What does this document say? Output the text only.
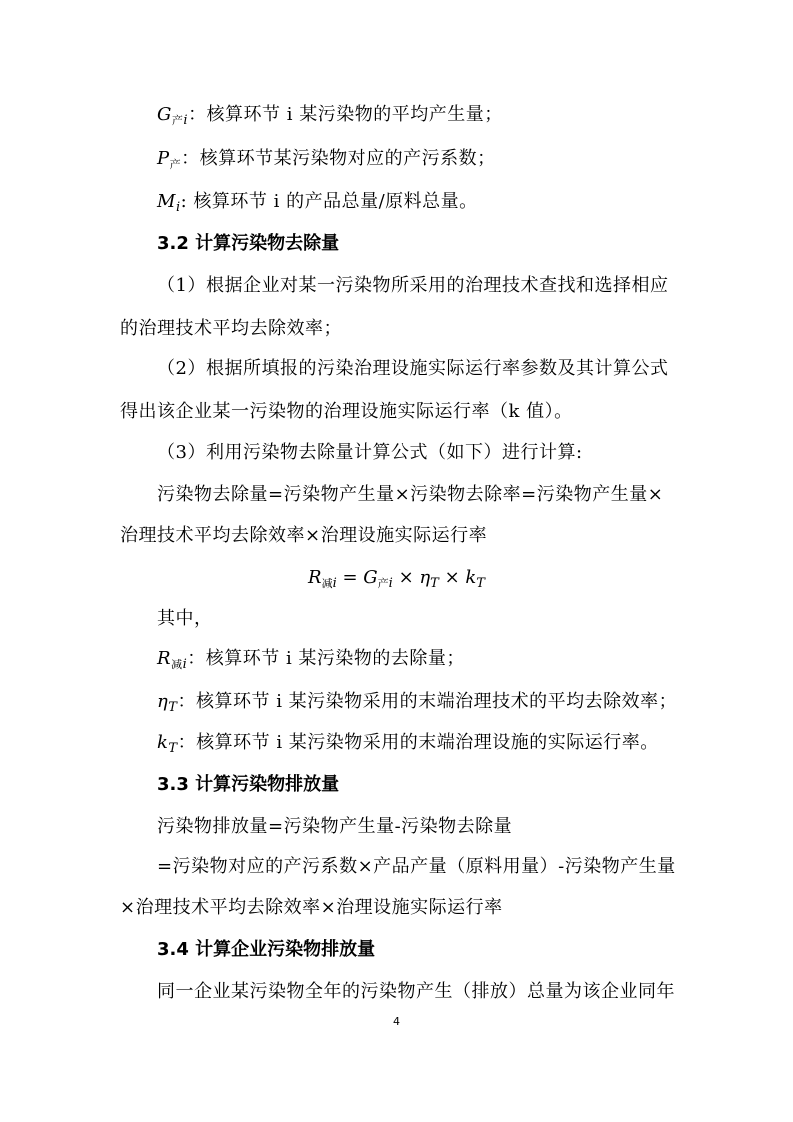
$G_{产i}$：核算环节 i 某污染物的平均产生量；
$P_产$：核算环节某污染物对应的产污系数；
$M_i$: 核算环节 i 的产品总量/原料总量。
3.2 计算污染物去除量
（1）根据企业对某一污染物所采用的治理技术查找和选择相应
的治理技术平均去除效率；
（2）根据所填报的污染治理设施实际运行率参数及其计算公式
得出该企业某一污染物的治理设施实际运行率（k 值）。
（3）利用污染物去除量计算公式（如下）进行计算:
污染物去除量=污染物产生量×污染物去除率=污染物产生量×
治理技术平均去除效率×治理设施实际运行率
$R_{减i} = G_{产i} \times \eta_T \times k_T$
其中，
$R_{减i}$：核算环节 i 某污染物的去除量；
$\eta_T$：核算环节 i 某污染物采用的末端治理技术的平均去除效率；
$k_T$：核算环节 i 某污染物采用的末端治理设施的实际运行率。
3.3 计算污染物排放量
污染物排放量=污染物产生量-污染物去除量
=污染物对应的产污系数×产品产量（原料用量）-污染物产生量
×治理技术平均去除效率×治理设施实际运行率
3.4 计算企业污染物排放量
同一企业某污染物全年的污染物产生（排放）总量为该企业同年
4
